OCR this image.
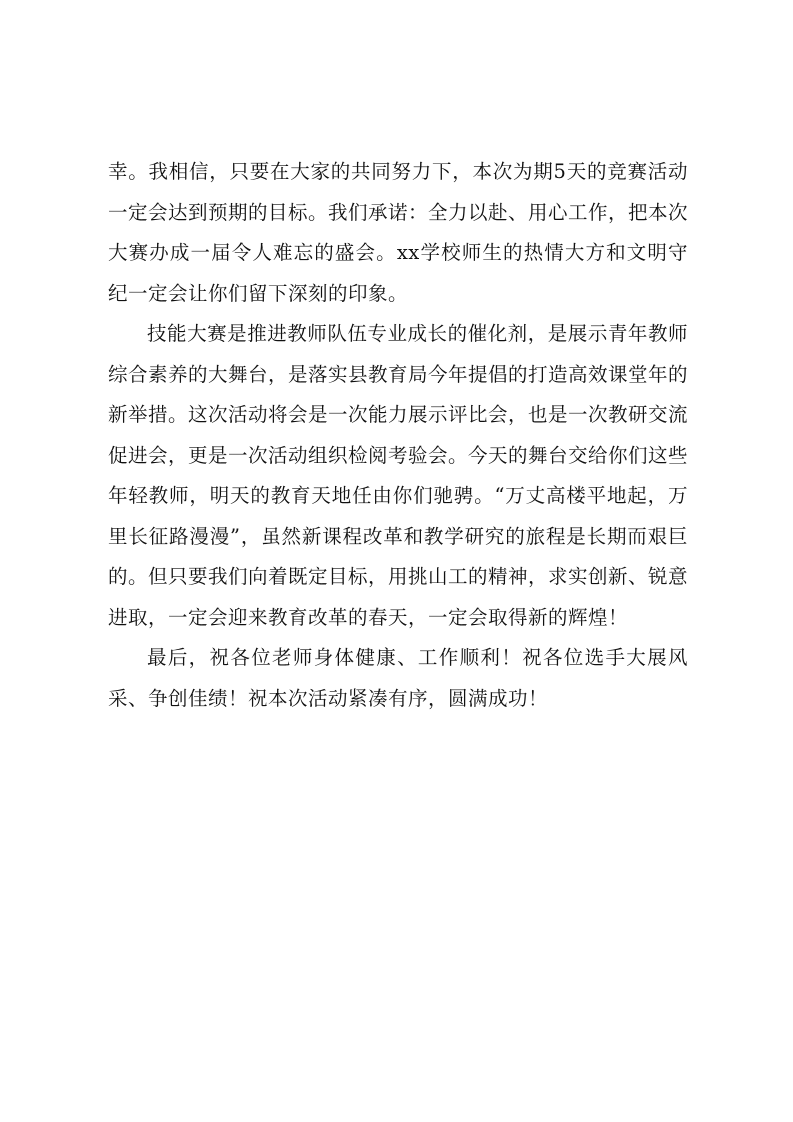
幸。我相信，只要在大家的共同努力下，本次为期5天的竞赛活动一定会达到预期的目标。我们承诺：全力以赴、用心工作，把本次大赛办成一届令人难忘的盛会。xx学校师生的热情大方和文明守纪一定会让你们留下深刻的印象。

技能大赛是推进教师队伍专业成长的催化剂，是展示青年教师综合素养的大舞台，是落实县教育局今年提倡的打造高效课堂年的新举措。这次活动将会是一次能力展示评比会，也是一次教研交流促进会，更是一次活动组织检阅考验会。今天的舞台交给你们这些年轻教师，明天的教育天地任由你们驰骋。“万丈高楼平地起，万里长征路漫漫”，虽然新课程改革和教学研究的旅程是长期而艰巨的。但只要我们向着既定目标，用挑山工的精神，求实创新、锐意进取，一定会迎来教育改革的春天，一定会取得新的辉煌！

最后，祝各位老师身体健康、工作顺利！祝各位选手大展风采、争创佳绩！祝本次活动紧凑有序，圆满成功！
